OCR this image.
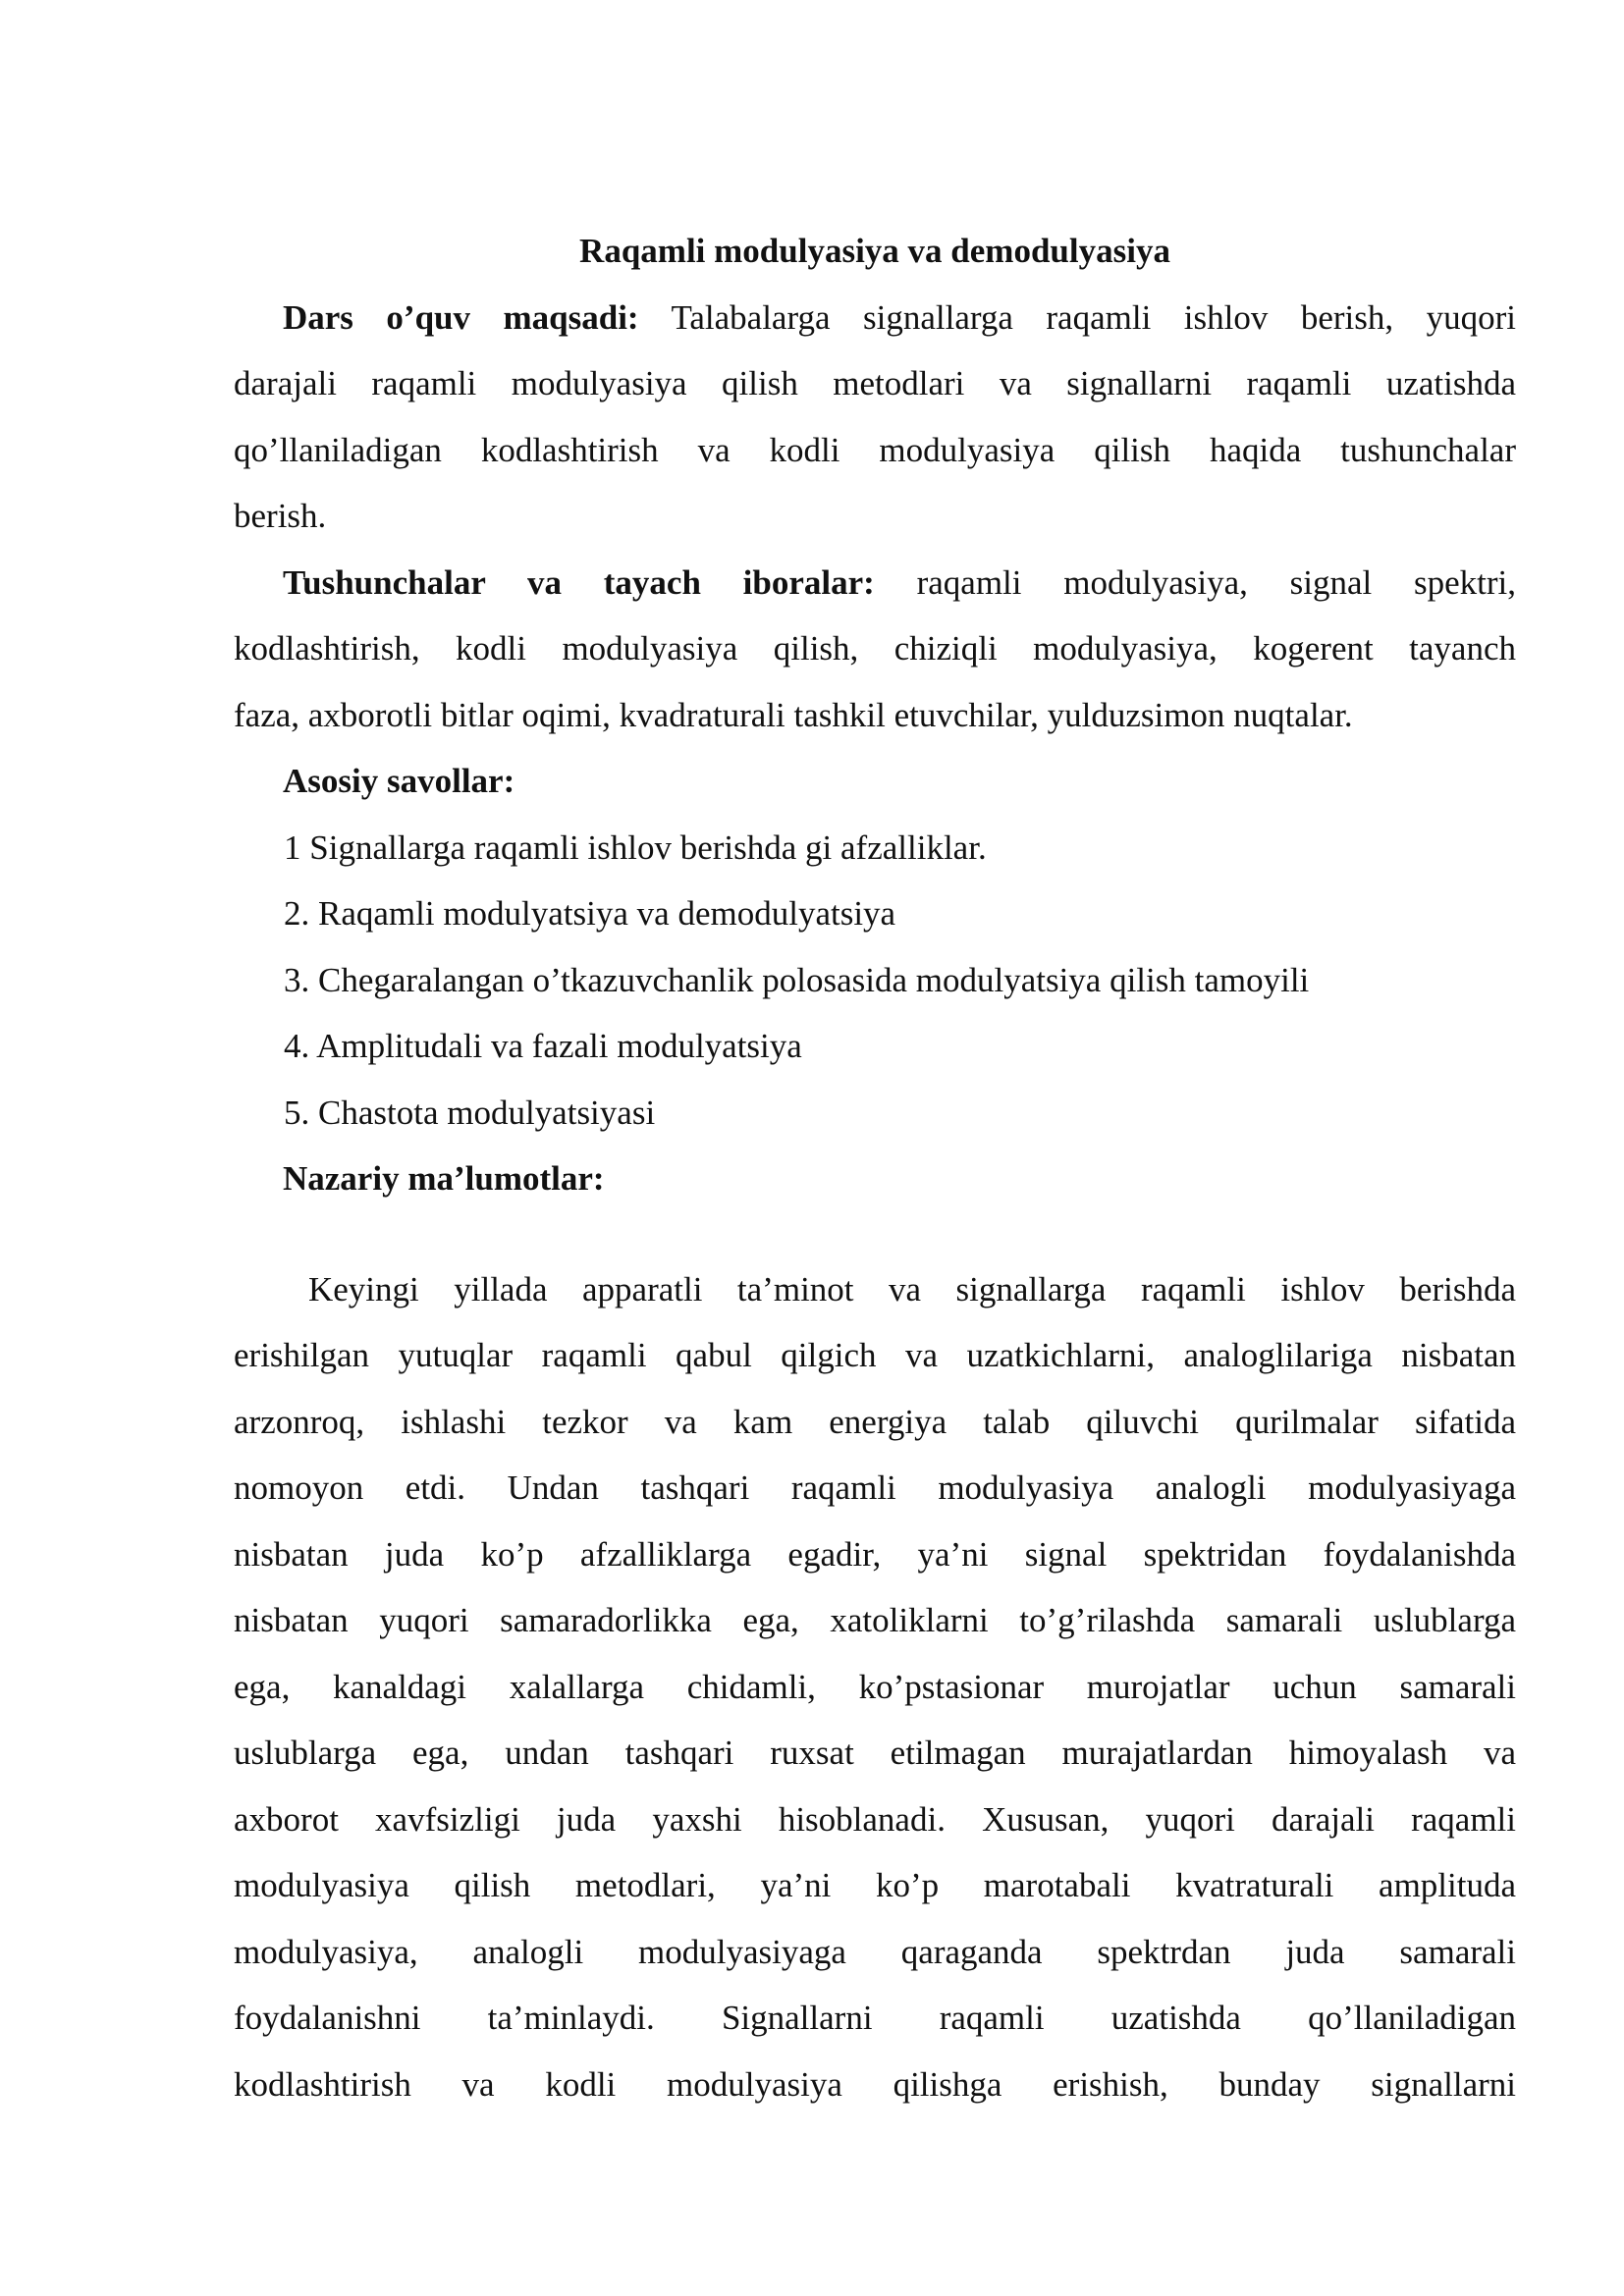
Raqamli modulyasiya va demodulyasiya
Dars o’quv maqsadi: Talabalarga signallarga raqamli ishlov berish, yuqori
darajali raqamli modulyasiya qilish metodlari va signallarni raqamli uzatishda
qo’llaniladigan kodlashtirish va kodli modulyasiya qilish haqida tushunchalar
berish.
Tushunchalar va tayach iboralar: raqamli modulyasiya, signal spektri,
kodlashtirish, kodli modulyasiya qilish, chiziqli modulyasiya, kogerent tayanch
faza, axborotli bitlar oqimi, kvadraturali tashkil etuvchilar, yulduzsimon nuqtalar.
Asosiy savollar:
1 Signallarga raqamli ishlov berishda gi afzalliklar.
2. Raqamli modulyatsiya va demodulyatsiya
3. Chegaralangan o’tkazuvchanlik polosasida modulyatsiya qilish tamoyili
4. Amplitudali va fazali modulyatsiya
5. Chastota modulyatsiyasi
Nazariy ma’lumotlar:
Keyingi yillada apparatli ta’minot va signallarga raqamli ishlov berishda
erishilgan yutuqlar raqamli qabul qilgich va uzatkichlarni, analoglilariga nisbatan
arzonroq, ishlashi tezkor va kam energiya talab qiluvchi qurilmalar sifatida
nomoyon etdi. Undan tashqari raqamli modulyasiya analogli modulyasiyaga
nisbatan juda ko’p afzalliklarga egadir, ya’ni signal spektridan foydalanishda
nisbatan yuqori samaradorlikka ega, xatoliklarni to’g’rilashda samarali uslublarga
ega, kanaldagi xalallarga chidamli, ko’pstasionar murojatlar uchun samarali
uslublarga ega, undan tashqari ruxsat etilmagan murajatlardan himoyalash va
axborot xavfsizligi juda yaxshi hisoblanadi. Xususan, yuqori darajali raqamli
modulyasiya qilish metodlari, ya’ni ko’p marotabali kvatraturali amplituda
modulyasiya, analogli modulyasiyaga qaraganda spektrdan juda samarali
foydalanishni ta’minlaydi. Signallarni raqamli uzatishda qo’llaniladigan
kodlashtirish va kodli modulyasiya qilishga erishish, bunday signallarni
